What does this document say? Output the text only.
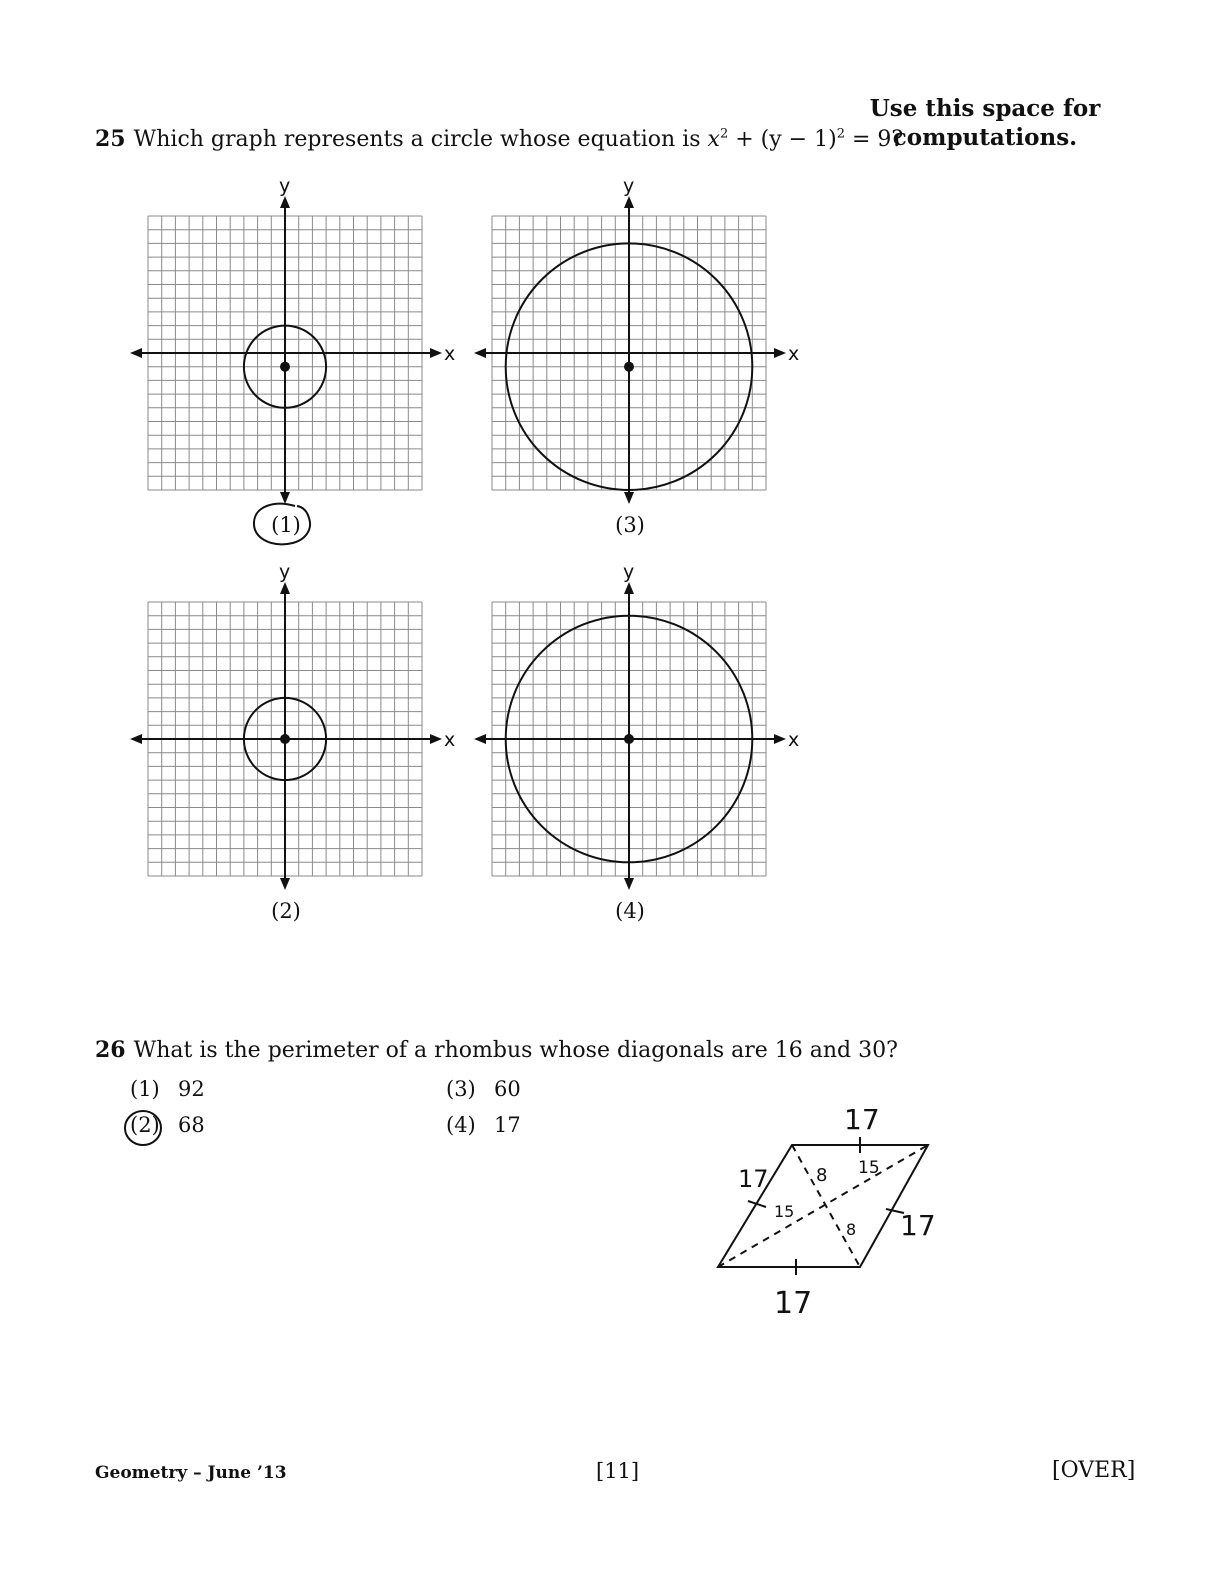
Use this space for
computations.
25 Which graph represents a circle whose equation is $x^2 + (y - 1)^2 = 9$?
x
y
x
y
x
y
x
y
(1)	(3)
(2)	(4)
26 What is the perimeter of a rhombus whose diagonals are 16 and 30?
(1) 92
(2) 68
(3) 60
(4) 17	17
17
17
17
8
8
15
15
Geometry – June ’13	[11]	[OVER]
